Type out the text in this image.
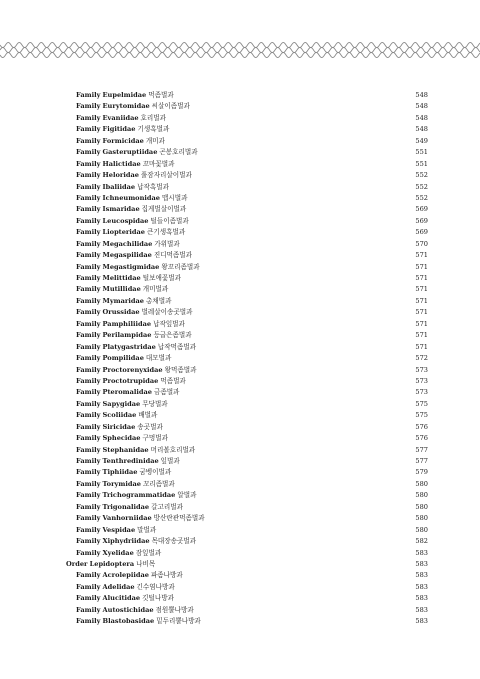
Family Eupelmidae 먹좀벌과	548
Family Eurytomidae 씨살이좀벌과	548
Family Evaniidae 호리벌과	548
Family Figitidae 기생혹벌과	548
Family Formicidae 개미과	549
Family Gasteruptiidae 곤봉호리벌과	551
Family Halictidae 꼬마꽃벌과	551
Family Heloridae 풀잠자리살이벌과	552
Family Ibaliidae 납작혹벌과	552
Family Ichneumonidae 맵시벌과	552
Family Ismaridae 집게벌살이벌과	569
Family Leucospidae 털들이좀벌과	569
Family Liopteridae 큰기생혹벌과	569
Family Megachilidae 가위벌과	570
Family Megaspilidae 진디먹좀벌과	571
Family Megastigmidae 왕꼬리좀벌과	571
Family Melittidae 털보애꽃벌과	571
Family Mutillidae 개미벌과	571
Family Mymaridae 총채벌과	571
Family Orussidae 벌레살이송곳벌과	571
Family Pamphiliidae 납작잎벌과	571
Family Perilampidae 등굽은좀벌과	571
Family Platygastridae 납작먹좀벌과	571
Family Pompilidae 대모벌과	572
Family Proctorenyxidae 왕먹좀벌과	573
Family Proctotrupidae 먹좀벌과	573
Family Pteromalidae 금좀벌과	573
Family Sapygidae 무당벌과	575
Family Scoliidae 배벌과	575
Family Siricidae 송곳벌과	576
Family Sphecidae 구멍벌과	576
Family Stephanidae 머리볼호리벌과	577
Family Tenthredinidae 잎벌과	577
Family Tiphiidae 굼벵이벌과	579
Family Torymidae 꼬리좀벌과	580
Family Trichogrammatidae 알벌과	580
Family Trigonalidae 갈고리벌과	580
Family Vanhorniidae 방산란관먹좀벌과	580
Family Vespidae 말벌과	580
Family Xiphydriidae 목대장송곳벌과	582
Family Xyelidae 잠잎벌과	583
Order Lepidoptera 나비목	583
Family Acrolepiidae 파좀나방과	583
Family Adelidae 긴수염나방과	583
Family Alucitidae 깃털나방과	583
Family Autostichidae 점원뿔나방과	583
Family Blastobasidae 밑두리뿔나방과	583
